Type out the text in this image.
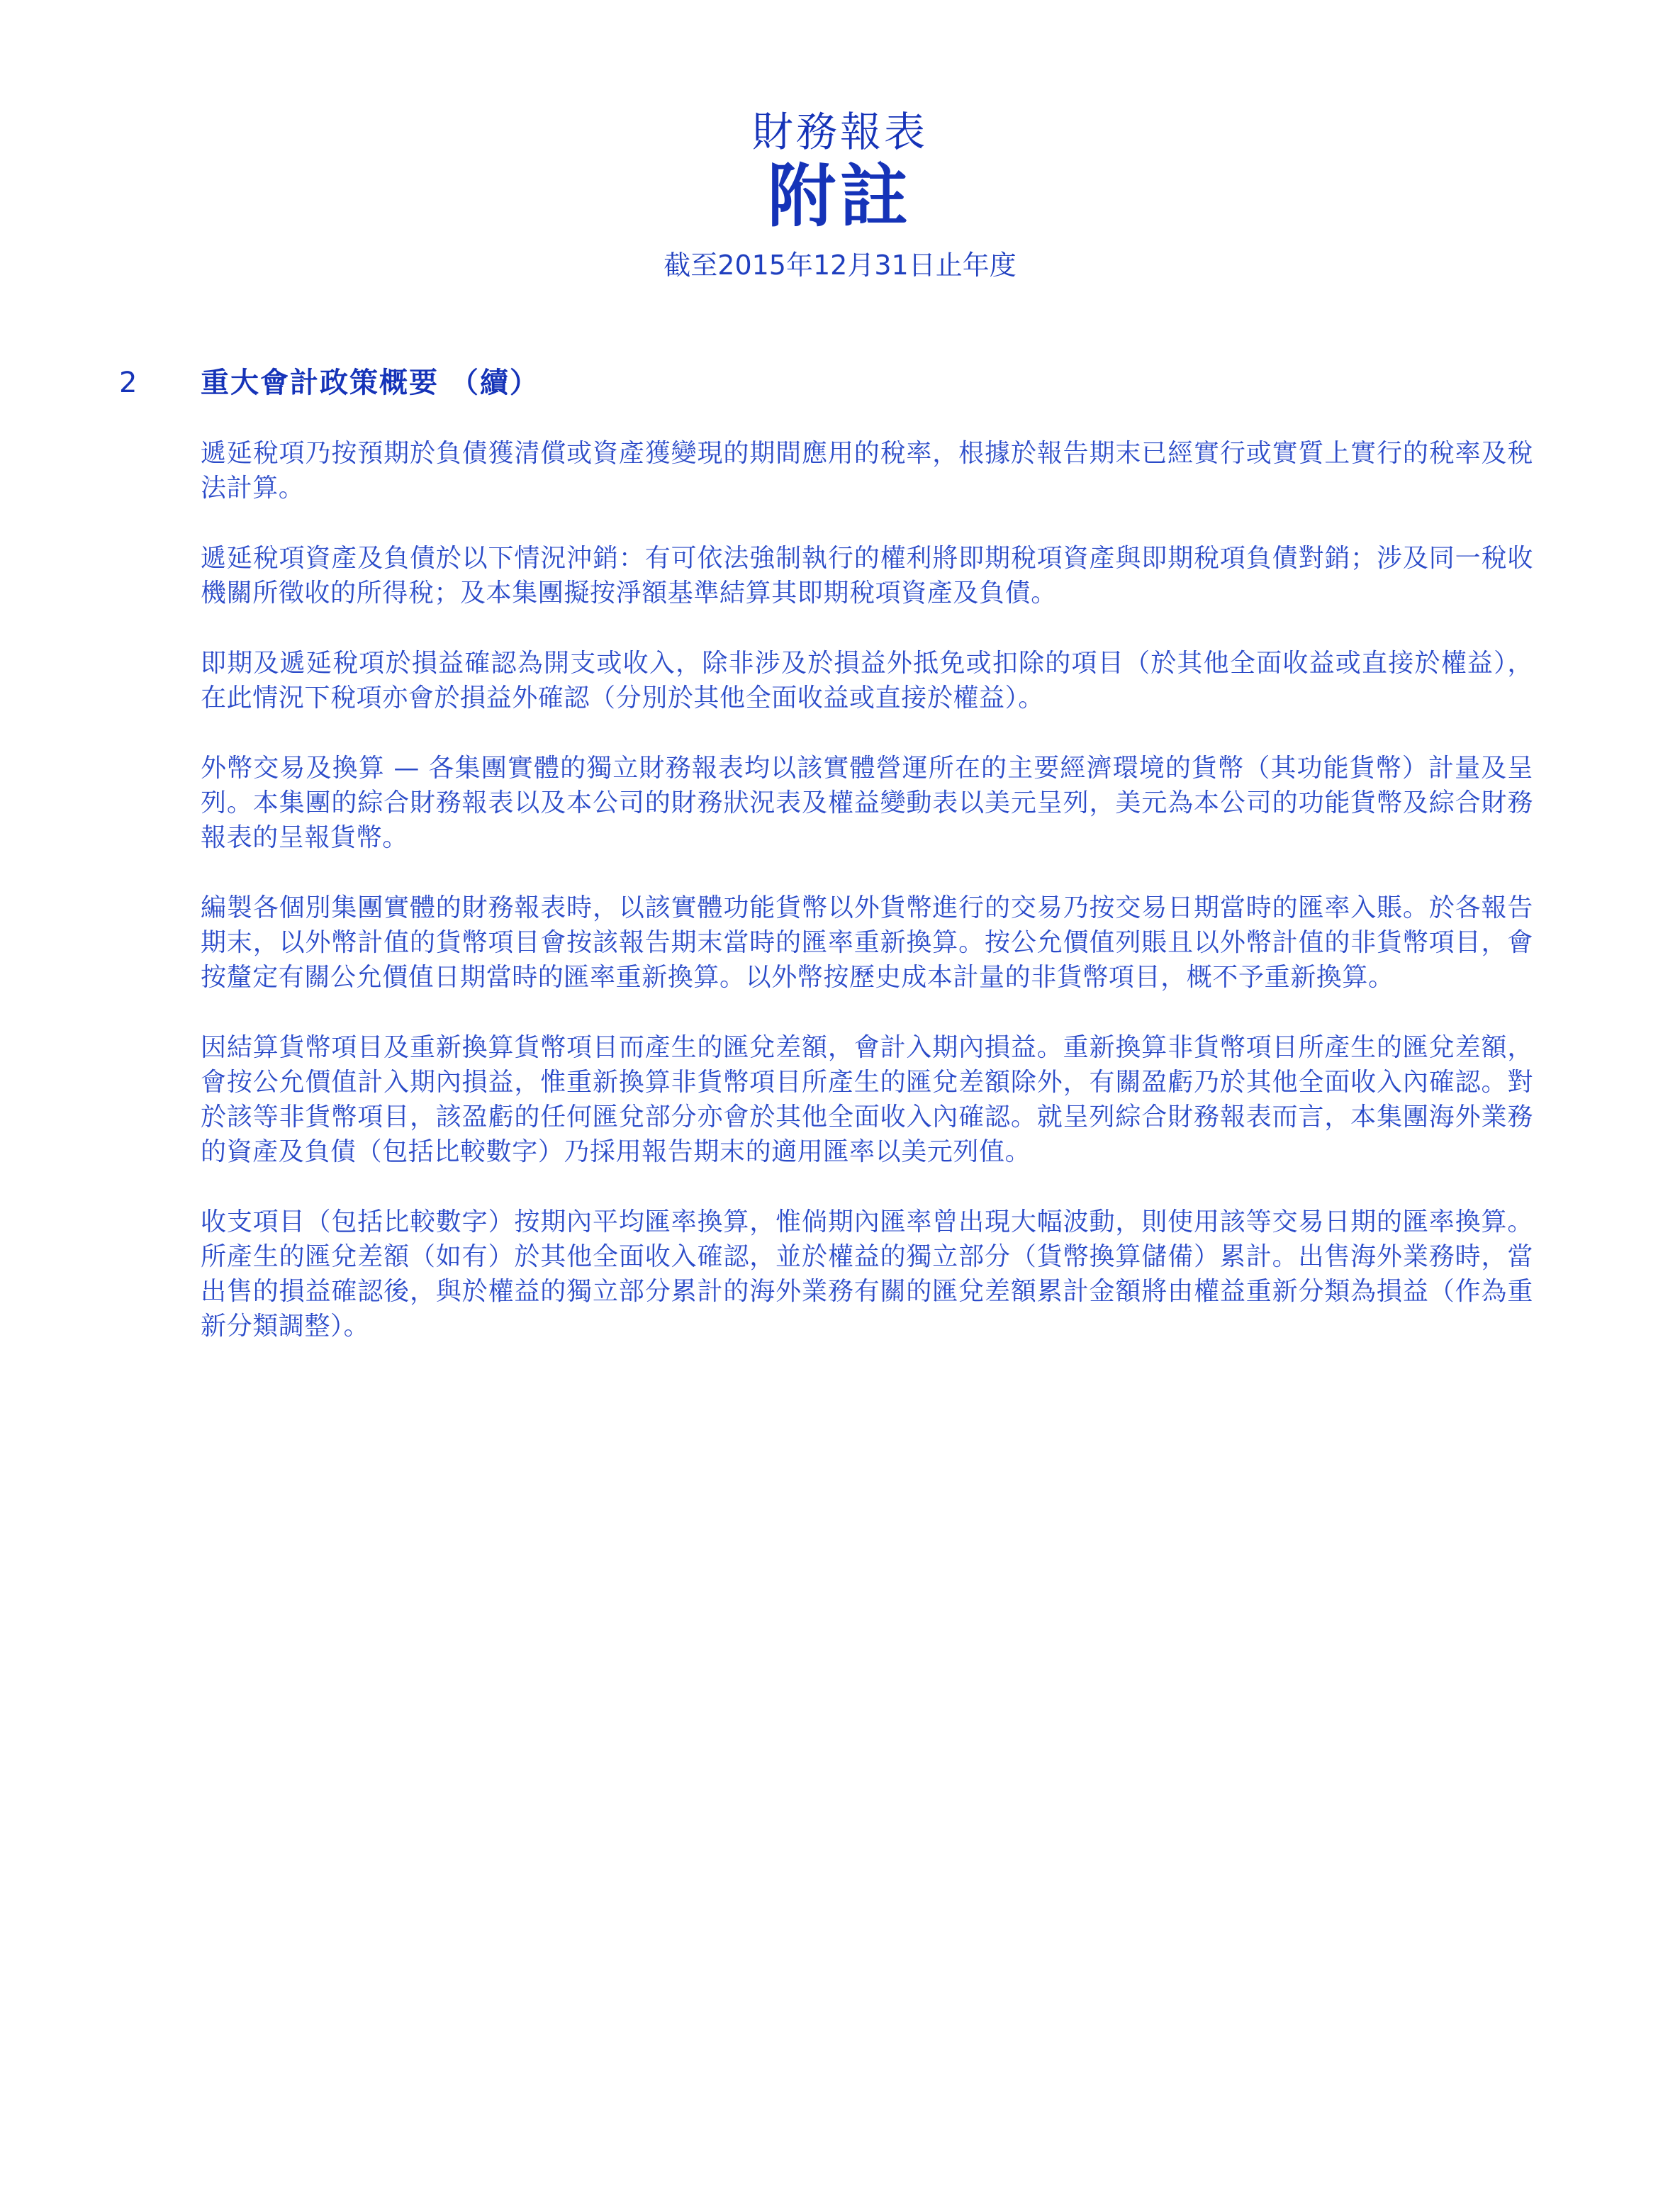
財務報表
附註
截至2015年12月31日止年度
2 重大會計政策概要 （續）

遞延稅項乃按預期於負債獲清償或資產獲變現的期間應用的稅率，根據於報告期末已經實行或實質上實行的稅率及稅法計算。

遞延稅項資產及負債於以下情況沖銷：有可依法強制執行的權利將即期稅項資產與即期稅項負債對銷；涉及同一稅收機關所徵收的所得稅；及本集團擬按淨額基準結算其即期稅項資產及負債。

即期及遞延稅項於損益確認為開支或收入，除非涉及於損益外抵免或扣除的項目（於其他全面收益或直接於權益），在此情況下稅項亦會於損益外確認（分別於其他全面收益或直接於權益）。

外幣交易及換算 — 各集團實體的獨立財務報表均以該實體營運所在的主要經濟環境的貨幣（其功能貨幣）計量及呈列。本集團的綜合財務報表以及本公司的財務狀況表及權益變動表以美元呈列，美元為本公司的功能貨幣及綜合財務報表的呈報貨幣。

編製各個別集團實體的財務報表時，以該實體功能貨幣以外貨幣進行的交易乃按交易日期當時的匯率入賬。於各報告期末，以外幣計值的貨幣項目會按該報告期末當時的匯率重新換算。按公允價值列賬且以外幣計值的非貨幣項目，會按釐定有關公允價值日期當時的匯率重新換算。以外幣按歷史成本計量的非貨幣項目，概不予重新換算。

因結算貨幣項目及重新換算貨幣項目而產生的匯兌差額，會計入期內損益。重新換算非貨幣項目所產生的匯兌差額，會按公允價值計入期內損益，惟重新換算非貨幣項目所產生的匯兌差額除外，有關盈虧乃於其他全面收入內確認。對於該等非貨幣項目，該盈虧的任何匯兌部分亦會於其他全面收入內確認。就呈列綜合財務報表而言，本集團海外業務的資產及負債（包括比較數字）乃採用報告期末的適用匯率以美元列值。

收支項目（包括比較數字）按期內平均匯率換算，惟倘期內匯率曾出現大幅波動，則使用該等交易日期的匯率換算。所產生的匯兌差額（如有）於其他全面收入確認，並於權益的獨立部分（貨幣換算儲備）累計。出售海外業務時，當出售的損益確認後，與於權益的獨立部分累計的海外業務有關的匯兌差額累計金額將由權益重新分類為損益（作為重新分類調整）。
